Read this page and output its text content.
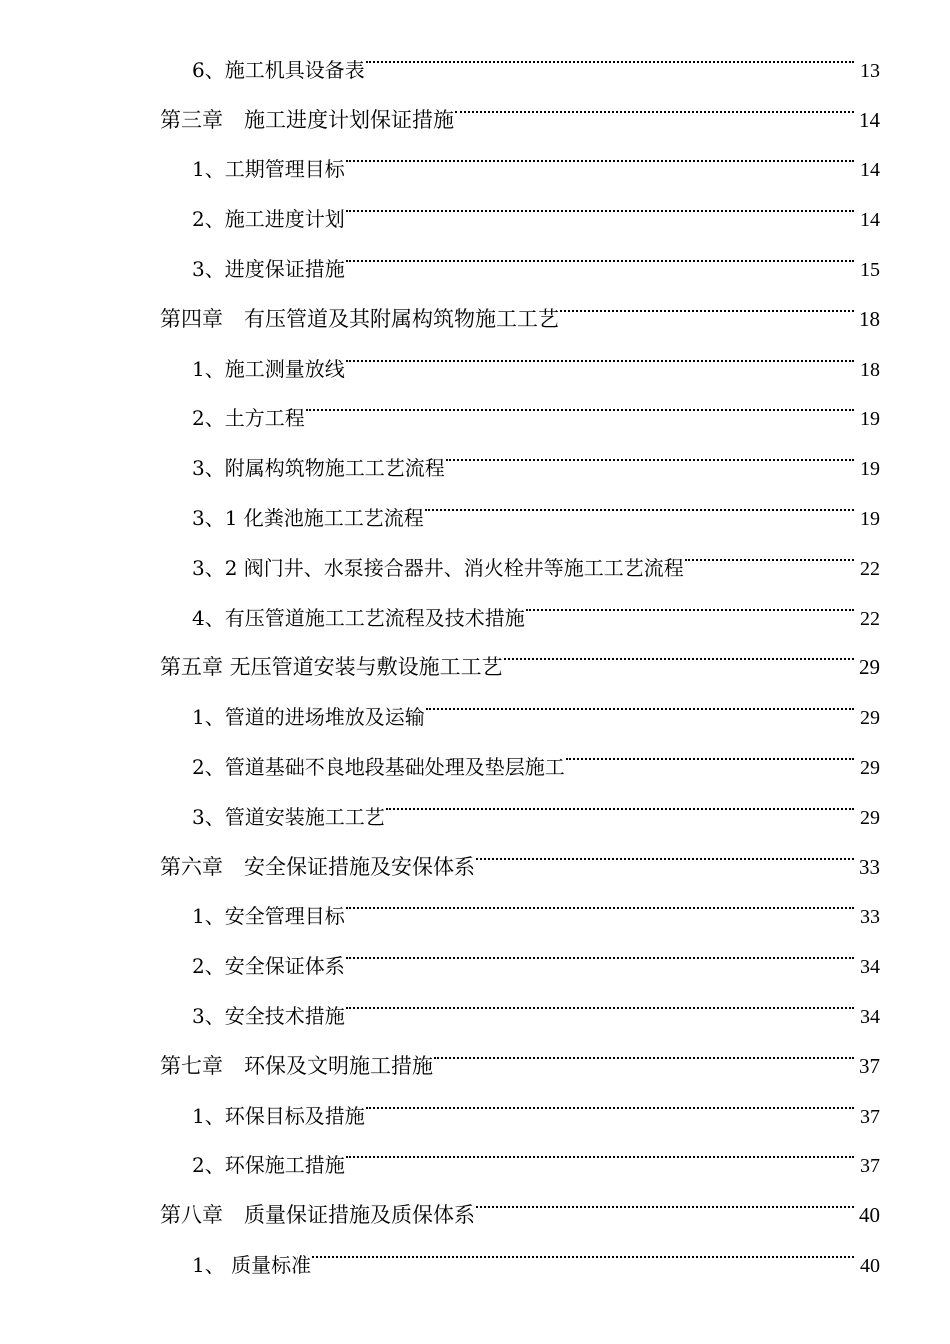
6、施工机具设备表	13
第三章　施工进度计划保证措施	14
1、工期管理目标	14
2、施工进度计划	14
3、进度保证措施	15
第四章　有压管道及其附属构筑物施工工艺	18
1、施工测量放线	18
2、土方工程	19
3、附属构筑物施工工艺流程	19
3、1 化粪池施工工艺流程	19
3、2 阀门井、水泵接合器井、消火栓井等施工工艺流程	22
4、有压管道施工工艺流程及技术措施	22
第五章 无压管道安装与敷设施工工艺	29
1、管道的进场堆放及运输	29
2、管道基础不良地段基础处理及垫层施工	29
3、管道安装施工工艺	29
第六章　安全保证措施及安保体系	33
1、安全管理目标	33
2、安全保证体系	34
3、安全技术措施	34
第七章　环保及文明施工措施	37
1、环保目标及措施	37
2、环保施工措施	37
第八章　质量保证措施及质保体系	40
1、 质量标准	40
